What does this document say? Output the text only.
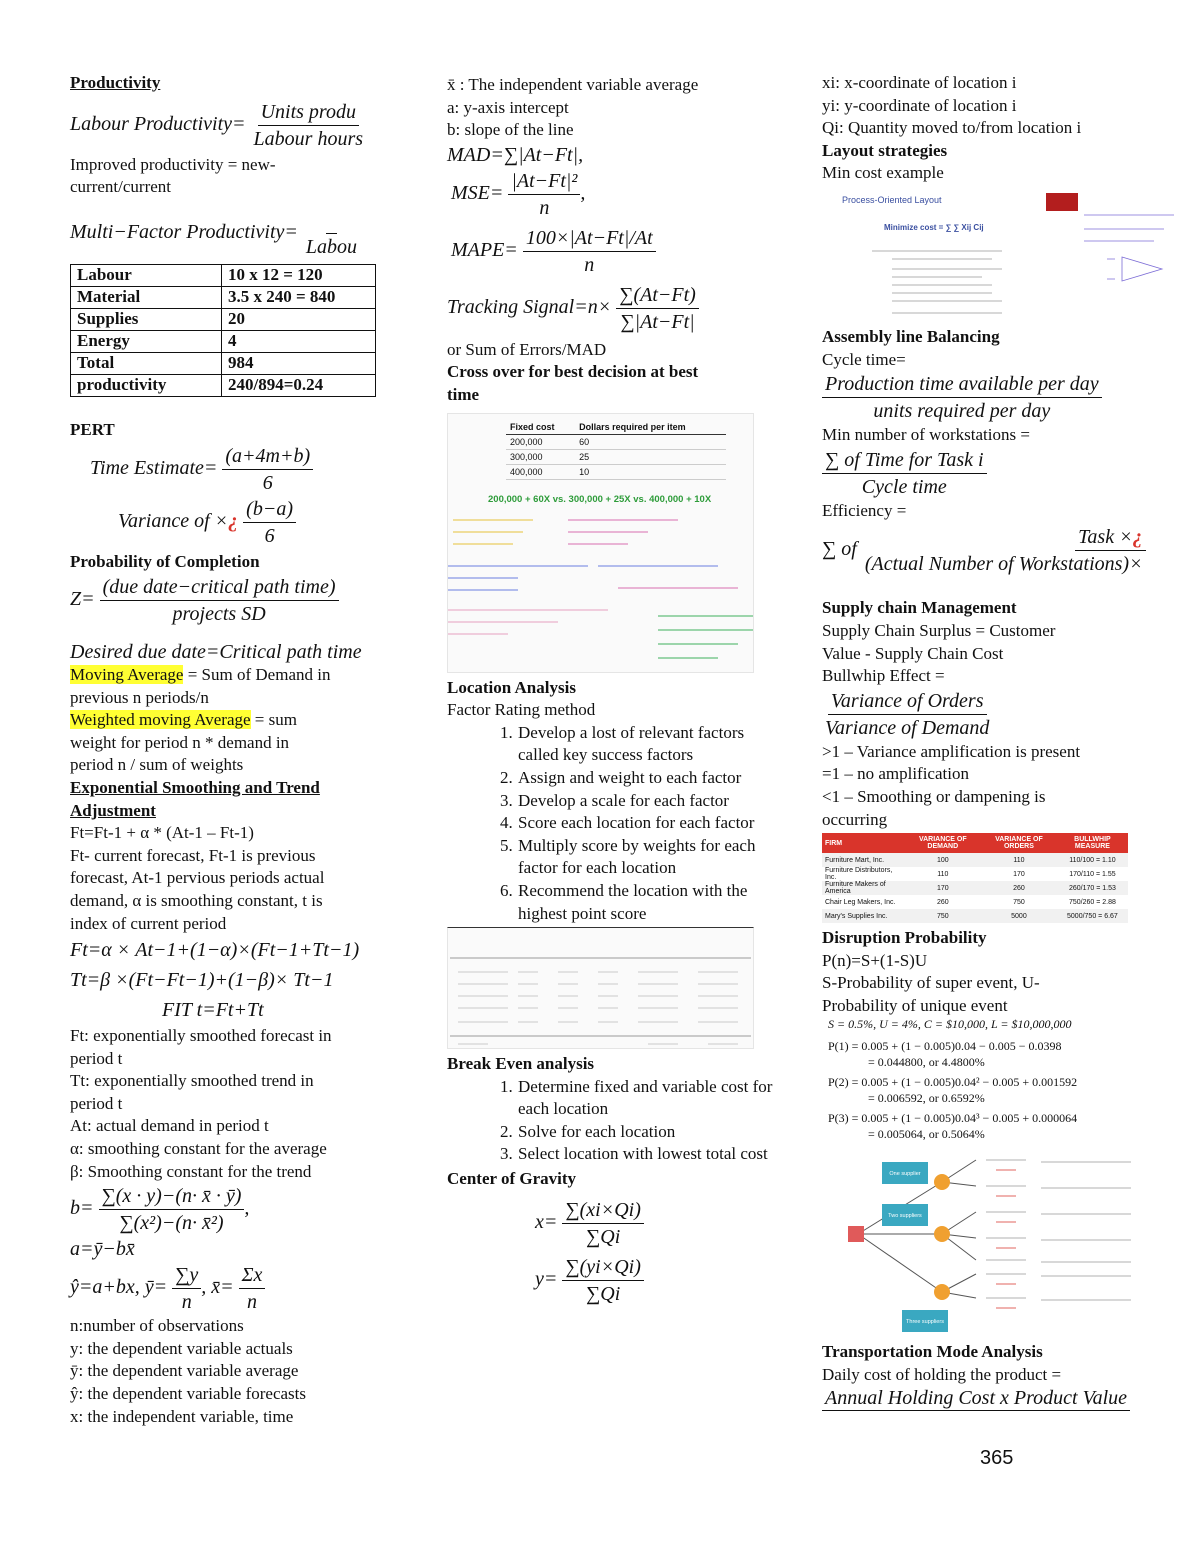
Productivity
Labour Productivity= $\frac{\text{Units produ}}{\text{Labour hours}}$
Improved productivity = new-
current/current
Multi−Factor Productivity=

Labou
Labour	10 x 12 = 120
Material	3.5 x 240 = 840
Supplies	20
Energy	4
Total	984
productivity	240/894=0.24
PERT
Time Estimate= $\frac{(a+4m+b)}{6}$
Variance of ×¿ $\frac{(b-a)}{6}$
Probability of Completion
$Z= \frac{\text{(due date−critical path time)}}{\text{projects SD}}$
Desired due date=Critical path time
Moving Average = Sum of Demand in
previous n periods/n
Weighted moving Average = sum
weight for period n * demand in
period n / sum of weights
Exponential Smoothing and Trend
Adjustment
Ft=Ft-1 + α * (At-1 – Ft-1)
Ft- current forecast, Ft-1 is previous
forecast, At-1 pervious periods actual
demand, α is smoothing constant, t is
index of current period
Ft=α × At−1+(1−α)×(Ft−1+Tt−1)
Tt=β ×(Ft−Ft−1)+(1−β)× Tt−1
FIT t=Ft+Tt
Ft: exponentially smoothed forecast in
period t
Tt: exponentially smoothed trend in
period t
At: actual demand in period t
α: smoothing constant for the average
β: Smoothing constant for the trend
$b= \frac{\sum(x \cdot y)-(n\cdot x̄ \cdot ȳ)}{\text{∑(x²)−(n· x̄²)}}$ ,
a=ȳ−bx̄
ŷ=a+bx, ȳ= $\frac{\sum y}{n}$ , x̄= $\frac{\Sigma x}{n}$
n:number of observations
y: the dependent variable actuals
ȳ: the dependent variable average
ŷ: the dependent variable forecasts
x: the independent variable, time
x̄ : The independent variable average
a: y-axis intercept
b: slope of the line
MAD=∑|At−Ft|,
$MSE= \frac{\text{|At−Ft|²}}{n}$ ,
MAPE= $\frac{100\times|At-Ft|/At}{n}$
Tracking Signal=n× $\frac{\sum(At-Ft)}{\sum|At-Ft|}$
or Sum of Errors/MAD
Cross over for best decision at best
time
Fixed cost	Dollars required per item
200,000	60
300,000	25
400,000	10
200,000 + 60X vs. 300,000 + 25X vs. 400,000 + 10X
Location Analysis
Factor Rating method
1. Develop a lost of relevant factors called key success factors
2. Assign and weight to each factor
3. Develop a scale for each factor
4. Score each location for each factor
5. Multiply score by weights for each factor for each location
6. Recommend the location with the highest point score
Break Even analysis
1. Determine fixed and variable cost for each location
2. Solve for each location
3. Select location with lowest total cost
Center of Gravity
$x= \frac{\sum(xi\times Qi)}{\sum Qi}$
$y= \frac{\sum(yi\times Qi)}{\sum Qi}$
xi: x-coordinate of location i
yi: y-coordinate of location i
Qi: Quantity moved to/from location i
Layout strategies
Min cost example
Process-Oriented Layout
Minimize cost = ∑ ∑ Xij Cij
Assembly line Balancing
Cycle time=
$\frac{\text{Production time available per day}}{\text{units required per day}}$
Min number of workstations =
$\frac{\text{∑ of Time for Task i}}{\text{Cycle time}}$
Efficiency =
∑ of $\frac{\text{Task ×¿}}{\text{(Actual Number of Workstations)×}}$
Supply chain Management
Supply Chain Surplus = Customer
Value - Supply Chain Cost
Bullwhip Effect =
$\frac{\text{Variance of Orders}}{\text{Variance of Demand}}$
>1 – Variance amplification is present
=1 – no amplification
<1 – Smoothing or dampening is
occurring
FIRM	VARIANCE OF DEMAND	VARIANCE OF ORDERS	BULLWHIP MEASURE
Furniture Mart, Inc.	100	110	110/100 = 1.10
Furniture Distributors, Inc.	110	170	170/110 = 1.55
Furniture Makers of America	170	260	260/170 = 1.53
Chair Leg Makers, Inc.	260	750	750/260 = 2.88
Mary's Supplies Inc.	750	5000	5000/750 = 6.67
Disruption Probability
P(n)=S+(1-S)U
S-Probability of super event, U-
Probability of unique event
S = 0.5%, U = 4%, C = $10,000, L = $10,000,000
P(1) = 0.005 + (1 − 0.005)0.04 − 0.005 − 0.0398
= 0.044800, or 4.4800%
P(2) = 0.005 + (1 − 0.005)0.04² − 0.005 + 0.001592
= 0.006592, or 0.6592%
P(3) = 0.005 + (1 − 0.005)0.04³ − 0.005 + 0.000064
= 0.005064, or 0.5064%
One supplier
Two suppliers
Three suppliers
Transportation Mode Analysis
Daily cost of holding the product =
Annual Holding Cost x Product Value
365
